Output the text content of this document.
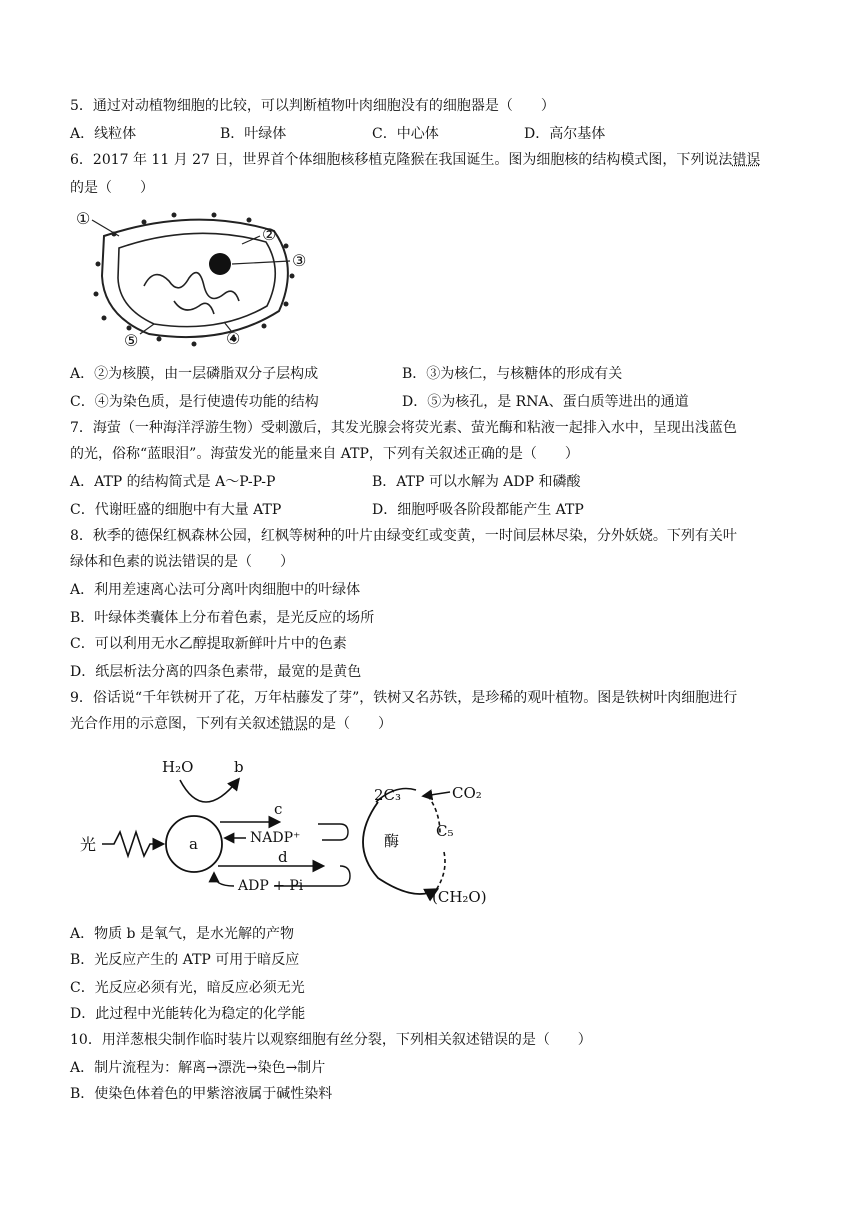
5．通过对动植物细胞的比较，可以判断植物叶肉细胞没有的细胞器是（　　）
A．线粒体	B．叶绿体	C．中心体	D．高尔基体
6．2017 年 11 月 27 日，世界首个体细胞核移植克隆猴在我国诞生。图为细胞核的结构模式图，下列说法错误
的是（　　）
①
②
③
④
⑤
A．②为核膜，由一层磷脂双分子层构成	B．③为核仁，与核糖体的形成有关
C．④为染色质，是行使遗传功能的结构	D．⑤为核孔，是 RNA、蛋白质等进出的通道
7．海萤（一种海洋浮游生物）受刺激后，其发光腺会将荧光素、萤光酶和粘液一起排入水中，呈现出浅蓝色
的光，俗称“蓝眼泪”。海萤发光的能量来自 ATP，下列有关叙述正确的是（　　）
A．ATP 的结构简式是 A～P-P-P	B．ATP 可以水解为 ADP 和磷酸
C．代谢旺盛的细胞中有大量 ATP	D．细胞呼吸各阶段都能产生 ATP
8．秋季的德保红枫森林公园，红枫等树种的叶片由绿变红或变黄，一时间层林尽染，分外妖娆。下列有关叶
绿体和色素的说法错误的是（　　）
A．利用差速离心法可分离叶肉细胞中的叶绿体
B．叶绿体类囊体上分布着色素，是光反应的场所
C．可以利用无水乙醇提取新鲜叶片中的色素
D．纸层析法分离的四条色素带，最宽的是黄色
9．俗话说“千年铁树开了花，万年枯藤发了芽”，铁树又名苏铁，是珍稀的观叶植物。图是铁树叶肉细胞进行
光合作用的示意图，下列有关叙述错误的是（　　）
光	a
H₂O	b
c
NADP⁺
d
ADP + Pi
2C₃	CO₂
C₅
酶
(CH₂O)
A．物质 b 是氧气，是水光解的产物
B．光反应产生的 ATP 可用于暗反应
C．光反应必须有光，暗反应必须无光
D．此过程中光能转化为稳定的化学能
10．用洋葱根尖制作临时装片以观察细胞有丝分裂，下列相关叙述错误的是（　　）
A．制片流程为：解离→漂洗→染色→制片
B．使染色体着色的甲紫溶液属于碱性染料
